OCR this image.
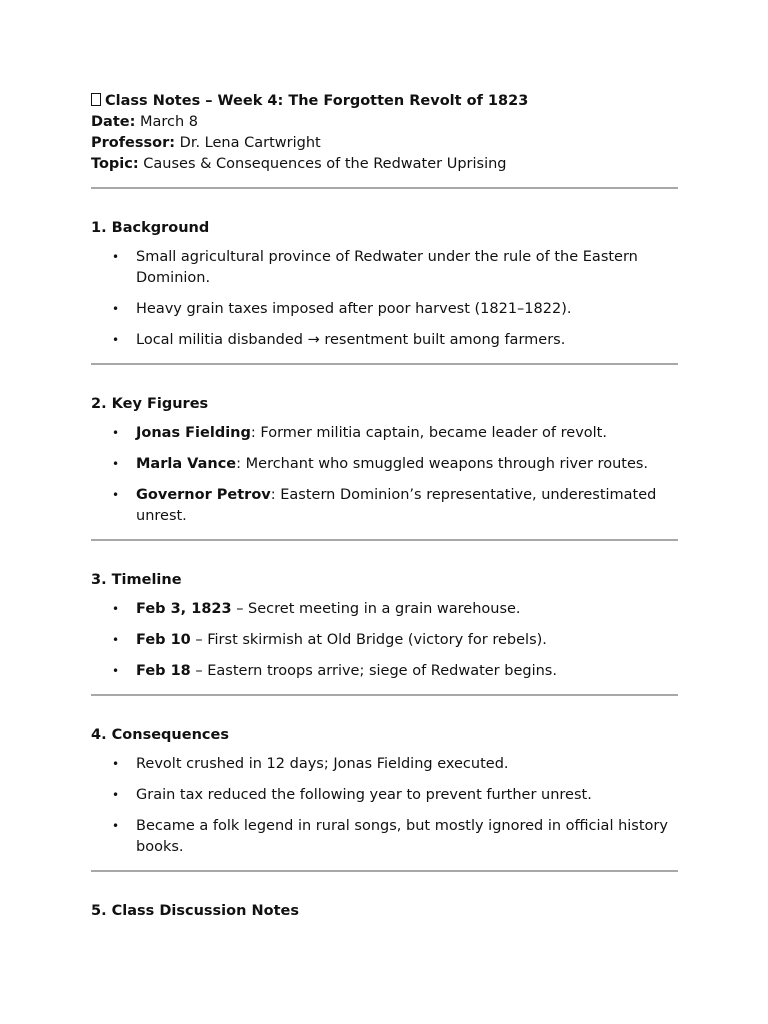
Class Notes – Week 4: The Forgotten Revolt of 1823

Date: March 8

Professor: Dr. Lena Cartwright

Topic: Causes & Consequences of the Redwater Uprising

1. Background
• Small agricultural province of Redwater under the rule of the Eastern Dominion.
• Heavy grain taxes imposed after poor harvest (1821–1822).
• Local militia disbanded → resentment built among farmers.
2. Key Figures
• Jonas Fielding: Former militia captain, became leader of revolt.
• Marla Vance: Merchant who smuggled weapons through river routes.
• Governor Petrov: Eastern Dominion’s representative, underestimated unrest.
3. Timeline
• Feb 3, 1823 – Secret meeting in a grain warehouse.
• Feb 10 – First skirmish at Old Bridge (victory for rebels).
• Feb 18 – Eastern troops arrive; siege of Redwater begins.
4. Consequences
• Revolt crushed in 12 days; Jonas Fielding executed.
• Grain tax reduced the following year to prevent further unrest.
• Became a folk legend in rural songs, but mostly ignored in official history books.
5. Class Discussion Notes
